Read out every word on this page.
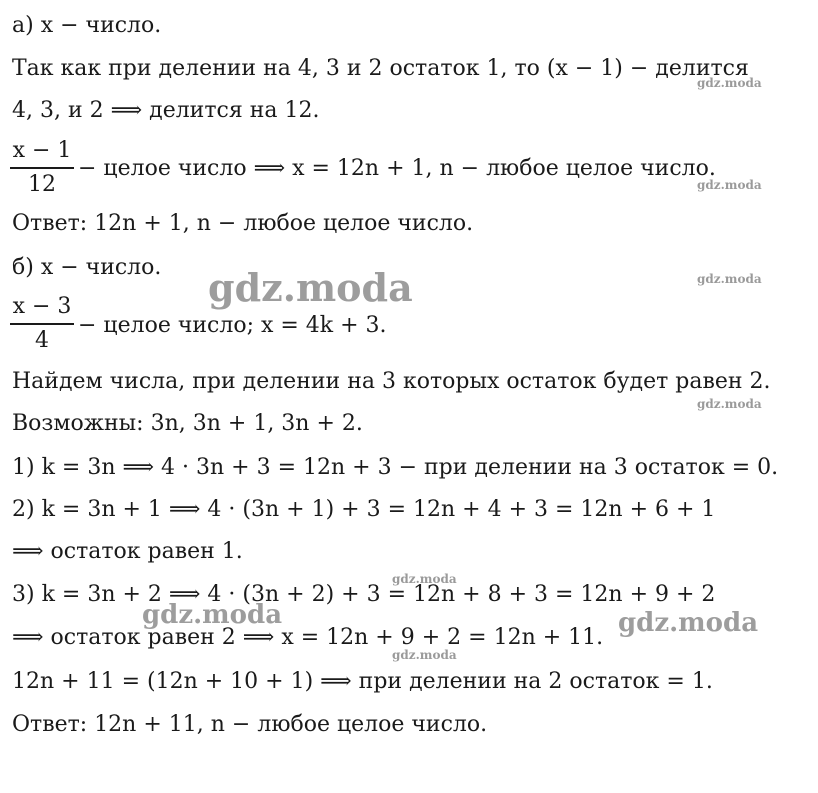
а) x − число.
Так как при делении на 4, 3 и 2 остаток 1, то (x − 1) − делится
4, 3, и 2 ⟹ делится на 12.
x − 1
12
− целое число ⟹ x = 12n + 1, n − любое целое число.
Ответ: 12n + 1, n − любое целое число.
б) x − число.
x − 3
4
− целое число; x = 4k + 3.
Найдем числа, при делении на 3 которых остаток будет равен 2.
Возможны: 3n, 3n + 1, 3n + 2.
1) k = 3n ⟹ 4 · 3n + 3 = 12n + 3 − при делении на 3 остаток = 0.
2) k = 3n + 1 ⟹ 4 · (3n + 1) + 3 = 12n + 4 + 3 = 12n + 6 + 1
⟹ остаток равен 1.
3) k = 3n + 2 ⟹ 4 · (3n + 2) + 3 = 12n + 8 + 3 = 12n + 9 + 2
⟹ остаток равен 2 ⟹ x = 12n + 9 + 2 = 12n + 11.
12n + 11 = (12n + 10 + 1) ⟹ при делении на 2 остаток = 1.
Ответ: 12n + 11, n − любое целое число.
gdz.moda
gdz.moda
gdz.moda
gdz.moda
gdz.moda
gdz.moda
gdz.moda
gdz.moda	gdz.moda
